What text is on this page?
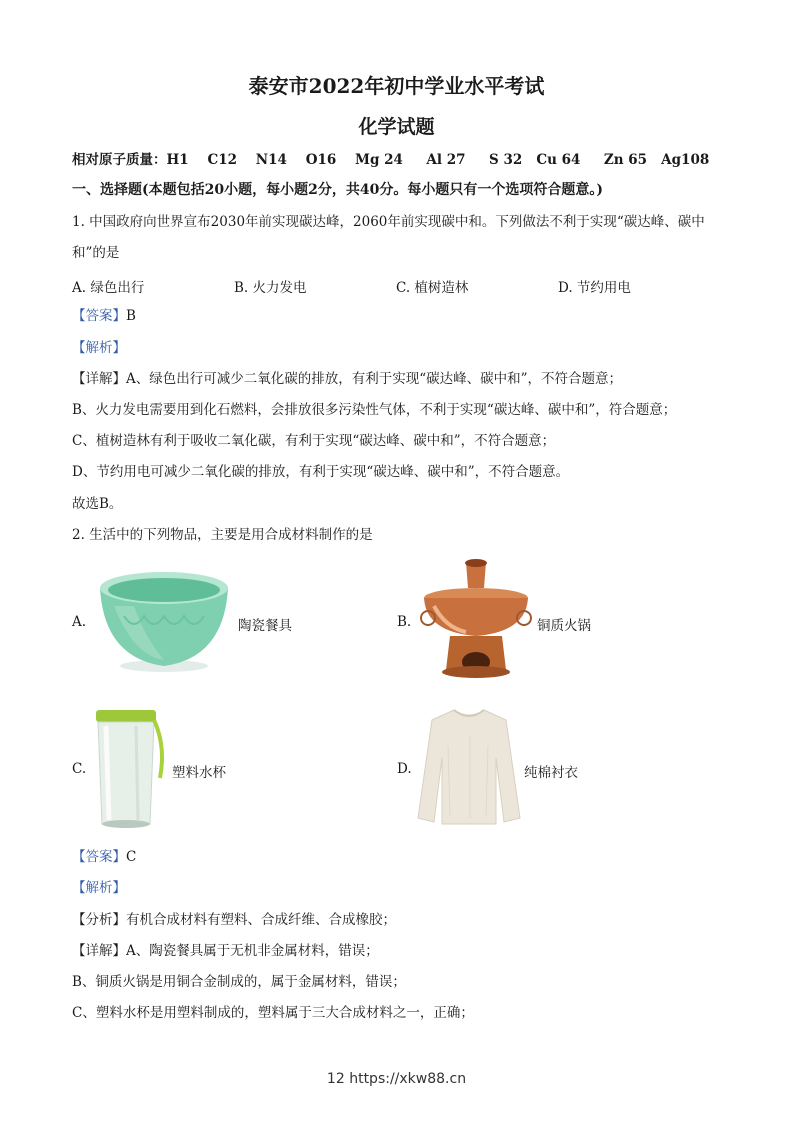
泰安市2022年初中学业水平考试
化学试题
相对原子质量：H1    C12    N14    O16    Mg 24     Al 27     S 32   Cu 64     Zn 65   Ag108
一、选择题(本题包括20小题，每小题2分，共40分。每小题只有一个选项符合题意。)
1. 中国政府向世界宣布2030年前实现碳达峰，2060年前实现碳中和。下列做法不利于实现“碳达峰、碳中
和”的是
A. 绿色出行	B. 火力发电	C. 植树造林	D. 节约用电
【答案】B
【解析】
【详解】A、绿色出行可减少二氧化碳的排放，有利于实现“碳达峰、碳中和”，不符合题意；
B、火力发电需要用到化石燃料，会排放很多污染性气体，不利于实现“碳达峰、碳中和”，符合题意；
C、植树造林有利于吸收二氧化碳，有利于实现“碳达峰、碳中和”，不符合题意；
D、节约用电可减少二氧化碳的排放，有利于实现“碳达峰、碳中和”，不符合题意。
故选B。
2. 生活中的下列物品，主要是用合成材料制作的是
A.	陶瓷餐具	B.	铜质火锅
C.	塑料水杯	D.	纯棉衬衣
【答案】C
【解析】
【分析】有机合成材料有塑料、合成纤维、合成橡胶；
【详解】A、陶瓷餐具属于无机非金属材料，错误；
B、铜质火锅是用铜合金制成的，属于金属材料，错误；
C、塑料水杯是用塑料制成的，塑料属于三大合成材料之一，正确；
12 https://xkw88.cn
